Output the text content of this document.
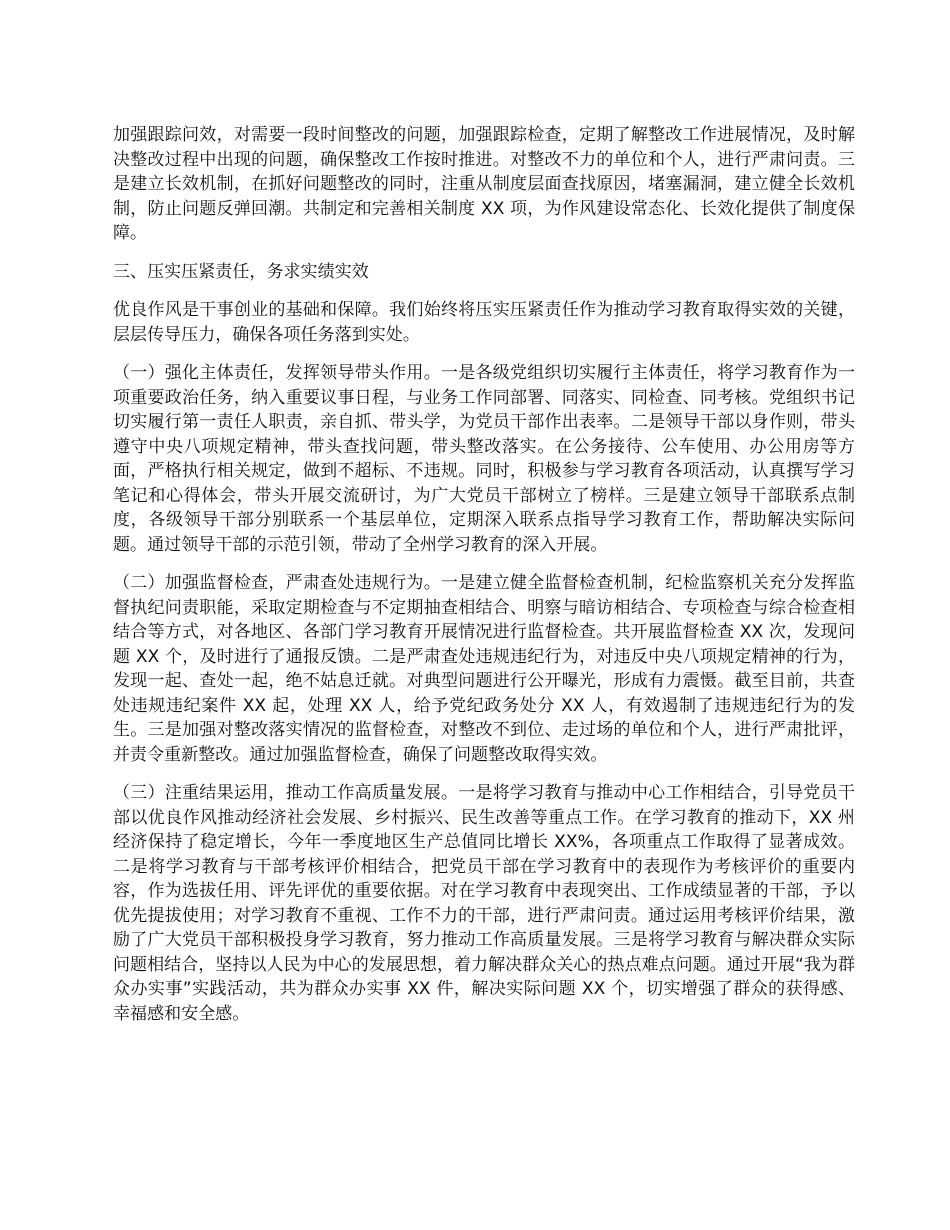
加强跟踪问效，对需要一段时间整改的问题，加强跟踪检查，定期了解整改工作进展情况，及时解决整改过程中出现的问题，确保整改工作按时推进。对整改不力的单位和个人，进行严肃问责。三是建立长效机制，在抓好问题整改的同时，注重从制度层面查找原因，堵塞漏洞，建立健全长效机制，防止问题反弹回潮。共制定和完善相关制度 XX 项，为作风建设常态化、长效化提供了制度保障。

三、压实压紧责任，务求实绩实效

优良作风是干事创业的基础和保障。我们始终将压实压紧责任作为推动学习教育取得实效的关键，层层传导压力，确保各项任务落到实处。

（一）强化主体责任，发挥领导带头作用。一是各级党组织切实履行主体责任，将学习教育作为一项重要政治任务，纳入重要议事日程，与业务工作同部署、同落实、同检查、同考核。党组织书记切实履行第一责任人职责，亲自抓、带头学，为党员干部作出表率。二是领导干部以身作则，带头遵守中央八项规定精神，带头查找问题，带头整改落实。在公务接待、公车使用、办公用房等方面，严格执行相关规定，做到不超标、不违规。同时，积极参与学习教育各项活动，认真撰写学习笔记和心得体会，带头开展交流研讨，为广大党员干部树立了榜样。三是建立领导干部联系点制度，各级领导干部分别联系一个基层单位，定期深入联系点指导学习教育工作，帮助解决实际问题。通过领导干部的示范引领，带动了全州学习教育的深入开展。

（二）加强监督检查，严肃查处违规行为。一是建立健全监督检查机制，纪检监察机关充分发挥监督执纪问责职能，采取定期检查与不定期抽查相结合、明察与暗访相结合、专项检查与综合检查相结合等方式，对各地区、各部门学习教育开展情况进行监督检查。共开展监督检查 XX 次，发现问题 XX 个，及时进行了通报反馈。二是严肃查处违规违纪行为，对违反中央八项规定精神的行为，发现一起、查处一起，绝不姑息迁就。对典型问题进行公开曝光，形成有力震慑。截至目前，共查处违规违纪案件 XX 起，处理 XX 人，给予党纪政务处分 XX 人，有效遏制了违规违纪行为的发生。三是加强对整改落实情况的监督检查，对整改不到位、走过场的单位和个人，进行严肃批评，并责令重新整改。通过加强监督检查，确保了问题整改取得实效。

（三）注重结果运用，推动工作高质量发展。一是将学习教育与推动中心工作相结合，引导党员干部以优良作风推动经济社会发展、乡村振兴、民生改善等重点工作。在学习教育的推动下，XX 州经济保持了稳定增长，今年一季度地区生产总值同比增长 XX%，各项重点工作取得了显著成效。二是将学习教育与干部考核评价相结合，把党员干部在学习教育中的表现作为考核评价的重要内容，作为选拔任用、评先评优的重要依据。对在学习教育中表现突出、工作成绩显著的干部，予以优先提拔使用；对学习教育不重视、工作不力的干部，进行严肃问责。通过运用考核评价结果，激励了广大党员干部积极投身学习教育，努力推动工作高质量发展。三是将学习教育与解决群众实际问题相结合，坚持以人民为中心的发展思想，着力解决群众关心的热点难点问题。通过开展“我为群众办实事”实践活动，共为群众办实事 XX 件，解决实际问题 XX 个，切实增强了群众的获得感、幸福感和安全感。
